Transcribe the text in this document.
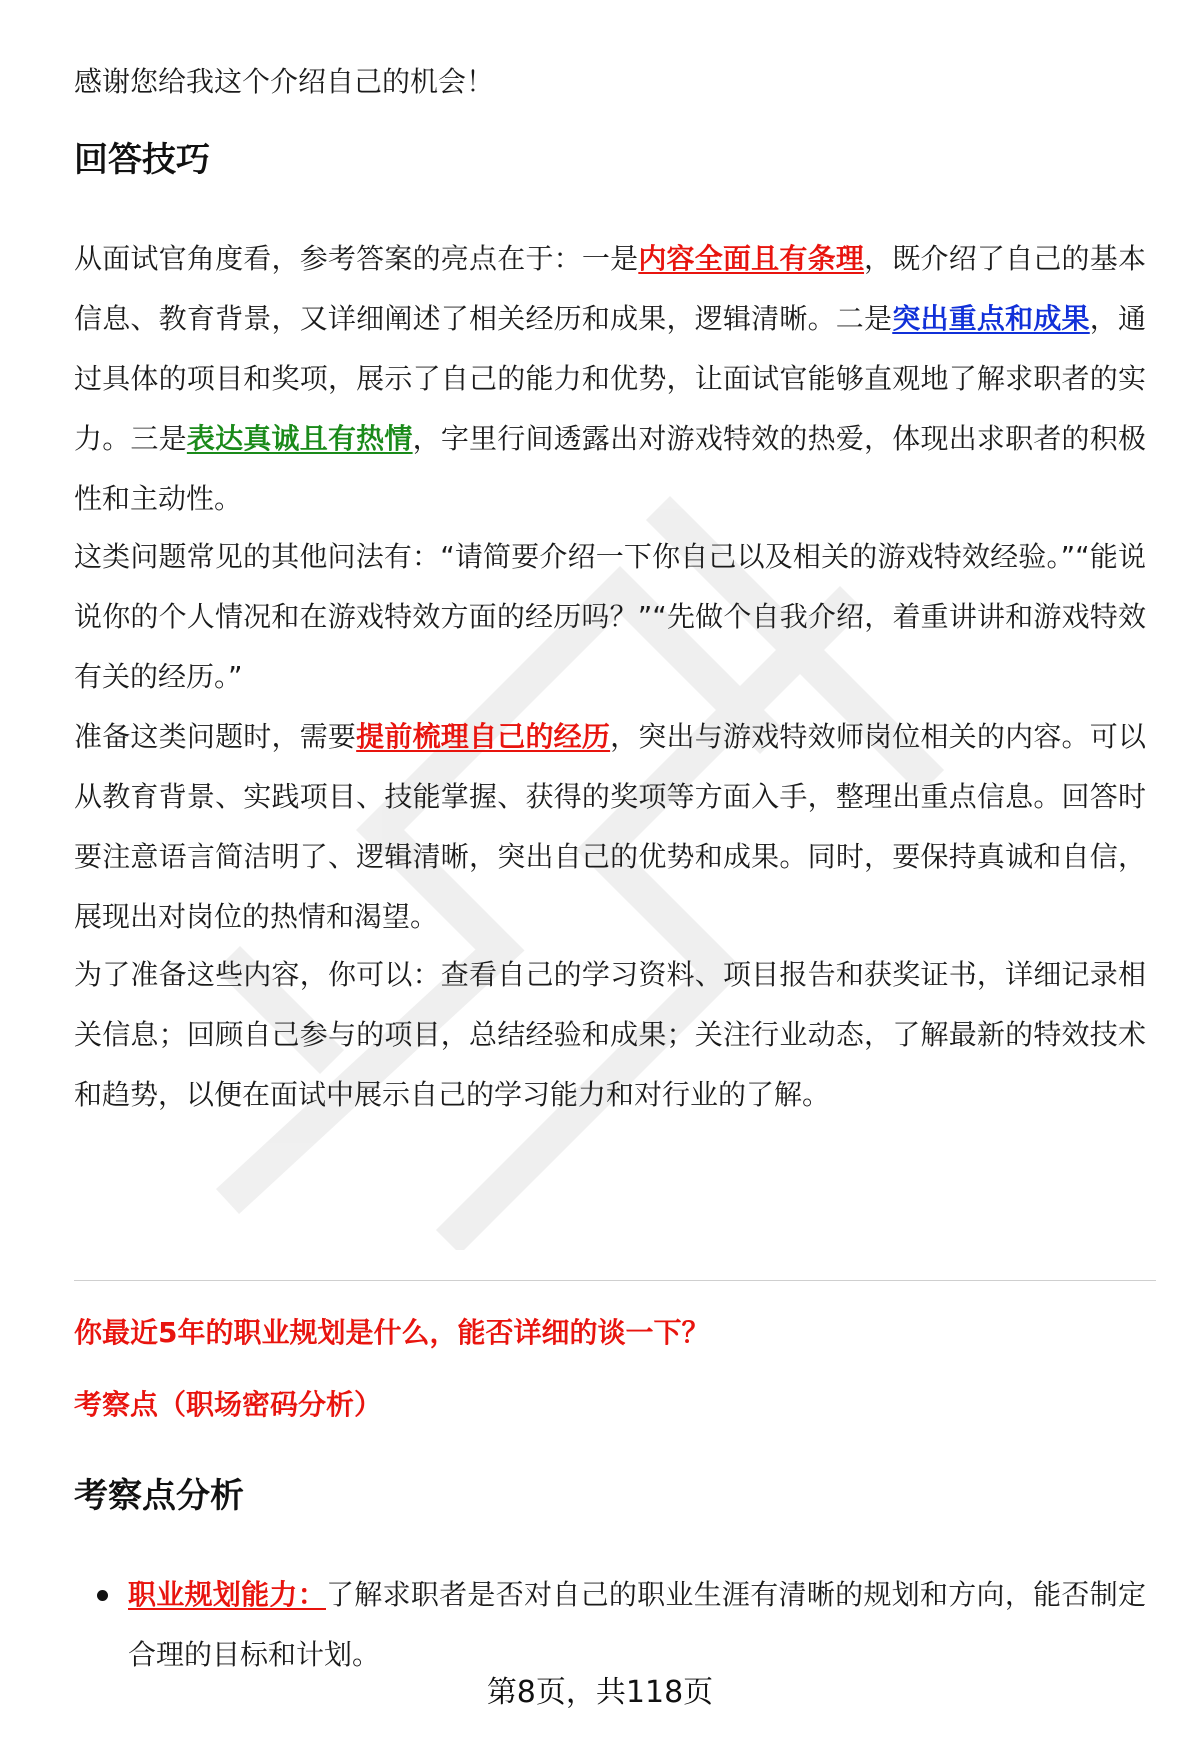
感谢您给我这个介绍自己的机会！
回答技巧

从面试官角度看，参考答案的亮点在于：一是内容全面且有条理，既介绍了自己的基本信息、教育背景，又详细阐述了相关经历和成果，逻辑清晰。二是突出重点和成果，通过具体的项目和奖项，展示了自己的能力和优势，让面试官能够直观地了解求职者的实力。三是表达真诚且有热情，字里行间透露出对游戏特效的热爱，体现出求职者的积极性和主动性。

这类问题常见的其他问法有：“请简要介绍一下你自己以及相关的游戏特效经验。”“能说说你的个人情况和在游戏特效方面的经历吗？”“先做个自我介绍，着重讲讲和游戏特效有关的经历。”

准备这类问题时，需要提前梳理自己的经历，突出与游戏特效师岗位相关的内容。可以从教育背景、实践项目、技能掌握、获得的奖项等方面入手，整理出重点信息。回答时要注意语言简洁明了、逻辑清晰，突出自己的优势和成果。同时，要保持真诚和自信，展现出对岗位的热情和渴望。

为了准备这些内容，你可以：查看自己的学习资料、项目报告和获奖证书，详细记录相关信息；回顾自己参与的项目，总结经验和成果；关注行业动态，了解最新的特效技术和趋势，以便在面试中展示自己的学习能力和对行业的了解。

你最近5年的职业规划是什么，能否详细的谈一下？
考察点（职场密码分析）
考察点分析
职业规划能力：了解求职者是否对自己的职业生涯有清晰的规划和方向，能否制定合理的目标和计划。
第8页，共118页
